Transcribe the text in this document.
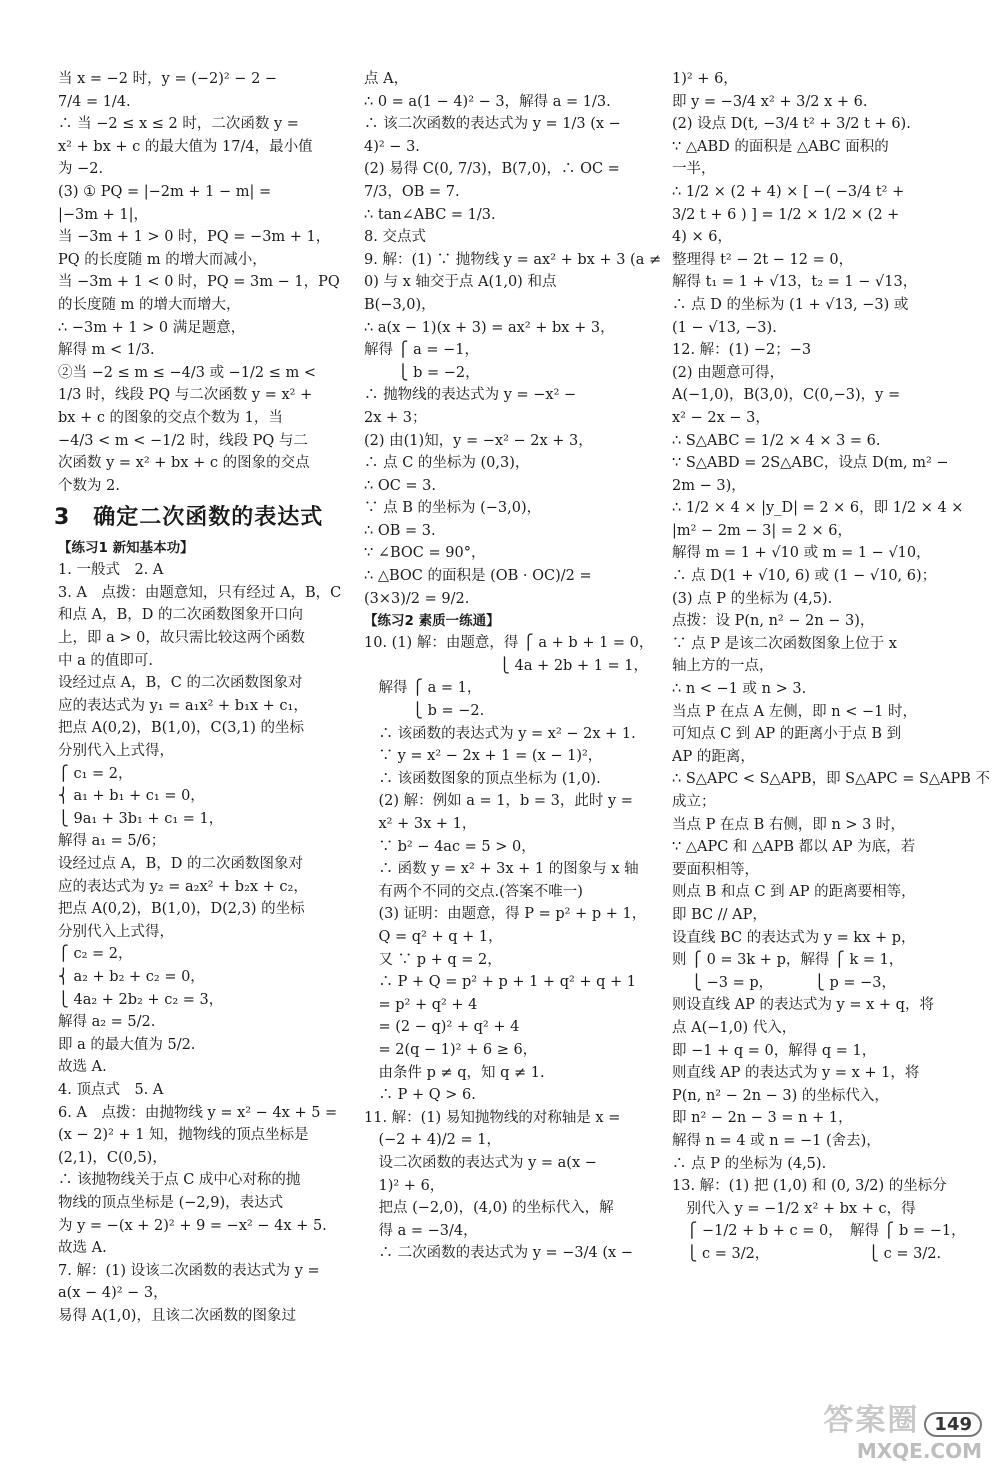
当 x = −2 时，y = (−2)² − 2 −
7/4 = 1/4.
∴ 当 −2 ≤ x ≤ 2 时，二次函数 y =
x² + bx + c 的最大值为 17/4，最小值
为 −2.
(3) ① PQ = |−2m + 1 − m| =
|−3m + 1|，
当 −3m + 1 > 0 时，PQ = −3m + 1，
PQ 的长度随 m 的增大而减小，
当 −3m + 1 < 0 时，PQ = 3m − 1，PQ
的长度随 m 的增大而增大，
∴ −3m + 1 > 0 满足题意，
解得 m < 1/3.
②当 −2 ≤ m ≤ −4/3 或 −1/2 ≤ m <
1/3 时，线段 PQ 与二次函数 y = x² +
bx + c 的图象的交点个数为 1，当
−4/3 < m < −1/2 时，线段 PQ 与二
次函数 y = x² + bx + c 的图象的交点
个数为 2.
3　确定二次函数的表达式
【练习1 新知基本功】
1. 一般式　2. A
3. A　点拨：由题意知，只有经过 A，B，C
和点 A，B，D 的二次函数图象开口向
上，即 a > 0，故只需比较这两个函数
中 a 的值即可.
设经过点 A，B，C 的二次函数图象对
应的表达式为 y₁ = a₁x² + b₁x + c₁，
把点 A(0,2)，B(1,0)，C(3,1) 的坐标
分别代入上式得，
⎧ c₁ = 2，
⎨ a₁ + b₁ + c₁ = 0，
⎩ 9a₁ + 3b₁ + c₁ = 1，
解得 a₁ = 5/6；
设经过点 A，B，D 的二次函数图象对
应的表达式为 y₂ = a₂x² + b₂x + c₂，
把点 A(0,2)，B(1,0)，D(2,3) 的坐标
分别代入上式得，
⎧ c₂ = 2，
⎨ a₂ + b₂ + c₂ = 0，
⎩ 4a₂ + 2b₂ + c₂ = 3，
解得 a₂ = 5/2.
即 a 的最大值为 5/2.
故选 A.
4. 顶点式　5. A
6. A　点拨：由抛物线 y = x² − 4x + 5 =
(x − 2)² + 1 知，抛物线的顶点坐标是
(2,1)，C(0,5)，
∴ 该抛物线关于点 C 成中心对称的抛
物线的顶点坐标是 (−2,9)，表达式
为 y = −(x + 2)² + 9 = −x² − 4x + 5.
故选 A.
7. 解：(1) 设该二次函数的表达式为 y =
a(x − 4)² − 3，
易得 A(1,0)，且该二次函数的图象过
点 A，
∴ 0 = a(1 − 4)² − 3，解得 a = 1/3.
∴ 该二次函数的表达式为 y = 1/3 (x −
4)² − 3.
(2) 易得 C(0, 7/3)，B(7,0)，∴ OC =
7/3，OB = 7.
∴ tan∠ABC = 1/3.
8. 交点式
9. 解：(1) ∵ 抛物线 y = ax² + bx + 3 (a ≠
0) 与 x 轴交于点 A(1,0) 和点
B(−3,0)，
∴ a(x − 1)(x + 3) = ax² + bx + 3，
解得 ⎧ a = −1，
　　 ⎩ b = −2，
∴ 抛物线的表达式为 y = −x² −
2x + 3；
(2) 由(1)知，y = −x² − 2x + 3，
∴ 点 C 的坐标为 (0,3)，
∴ OC = 3.
∵ 点 B 的坐标为 (−3,0)，
∴ OB = 3.
∵ ∠BOC = 90°，
∴ △BOC 的面积是 (OB · OC)/2 =
(3×3)/2 = 9/2.
【练习2 素质一练通】
10. (1) 解：由题意，得 ⎧ a + b + 1 = 0，
　　　　　　　　　 ⎩ 4a + 2b + 1 = 1，
　解得 ⎧ a = 1，
　　　 ⎩ b = −2.
　∴ 该函数的表达式为 y = x² − 2x + 1.
　∵ y = x² − 2x + 1 = (x − 1)²，
　∴ 该函数图象的顶点坐标为 (1,0).
　(2) 解：例如 a = 1，b = 3，此时 y =
　x² + 3x + 1，
　∵ b² − 4ac = 5 > 0，
　∴ 函数 y = x² + 3x + 1 的图象与 x 轴
　有两个不同的交点.(答案不唯一)
　(3) 证明：由题意，得 P = p² + p + 1，
　Q = q² + q + 1，
　又 ∵ p + q = 2，
　∴ P + Q = p² + p + 1 + q² + q + 1
　= p² + q² + 4
　= (2 − q)² + q² + 4
　= 2(q − 1)² + 6 ≥ 6，
　由条件 p ≠ q，知 q ≠ 1.
　∴ P + Q > 6.
11. 解：(1) 易知抛物线的对称轴是 x =
　(−2 + 4)/2 = 1，
　设二次函数的表达式为 y = a(x −
　1)² + 6，
　把点 (−2,0)，(4,0) 的坐标代入，解
　得 a = −3/4，
　∴ 二次函数的表达式为 y = −3/4 (x −
1)² + 6，
即 y = −3/4 x² + 3/2 x + 6.
(2) 设点 D(t, −3/4 t² + 3/2 t + 6).
∵ △ABD 的面积是 △ABC 面积的
一半，
∴ 1/2 × (2 + 4) × [ −( −3/4 t² +
3/2 t + 6 ) ] = 1/2 × 1/2 × (2 +
4) × 6，
整理得 t² − 2t − 12 = 0，
解得 t₁ = 1 + √13，t₂ = 1 − √13，
∴ 点 D 的坐标为 (1 + √13, −3) 或
(1 − √13, −3).
12. 解：(1) −2；−3
(2) 由题意可得，
A(−1,0)，B(3,0)，C(0,−3)，y =
x² − 2x − 3，
∴ S△ABC = 1/2 × 4 × 3 = 6.
∵ S△ABD = 2S△ABC，设点 D(m, m² −
2m − 3)，
∴ 1/2 × 4 × |y_D| = 2 × 6，即 1/2 × 4 ×
|m² − 2m − 3| = 2 × 6，
解得 m = 1 + √10 或 m = 1 − √10，
∴ 点 D(1 + √10, 6) 或 (1 − √10, 6)；
(3) 点 P 的坐标为 (4,5).
点拨：设 P(n, n² − 2n − 3)，
∵ 点 P 是该二次函数图象上位于 x
轴上方的一点，
∴ n < −1 或 n > 3.
当点 P 在点 A 左侧，即 n < −1 时，
可知点 C 到 AP 的距离小于点 B 到
AP 的距离，
∴ S△APC < S△APB，即 S△APC = S△APB 不
成立；
当点 P 在点 B 右侧，即 n > 3 时，
∵ △APC 和 △APB 都以 AP 为底，若
要面积相等，
则点 B 和点 C 到 AP 的距离要相等，
即 BC // AP，
设直线 BC 的表达式为 y = kx + p，
则 ⎧ 0 = 3k + p，解得 ⎧ k = 1，
　 ⎩ −3 = p，　　　 ⎩ p = −3，
则设直线 AP 的表达式为 y = x + q，将
点 A(−1,0) 代入，
即 −1 + q = 0，解得 q = 1，
则直线 AP 的表达式为 y = x + 1，将
P(n, n² − 2n − 3) 的坐标代入，
即 n² − 2n − 3 = n + 1，
解得 n = 4 或 n = −1 (舍去)，
∴ 点 P 的坐标为 (4,5).
13. 解：(1) 把 (1,0) 和 (0, 3/2) 的坐标分
　别代入 y = −1/2 x² + bx + c，得
　⎧ −1/2 + b + c = 0，　解得 ⎧ b = −1，
　⎩ c = 3/2，　　　　　　　 ⎩ c = 3/2.
答案圈 149
MXQE.COM
